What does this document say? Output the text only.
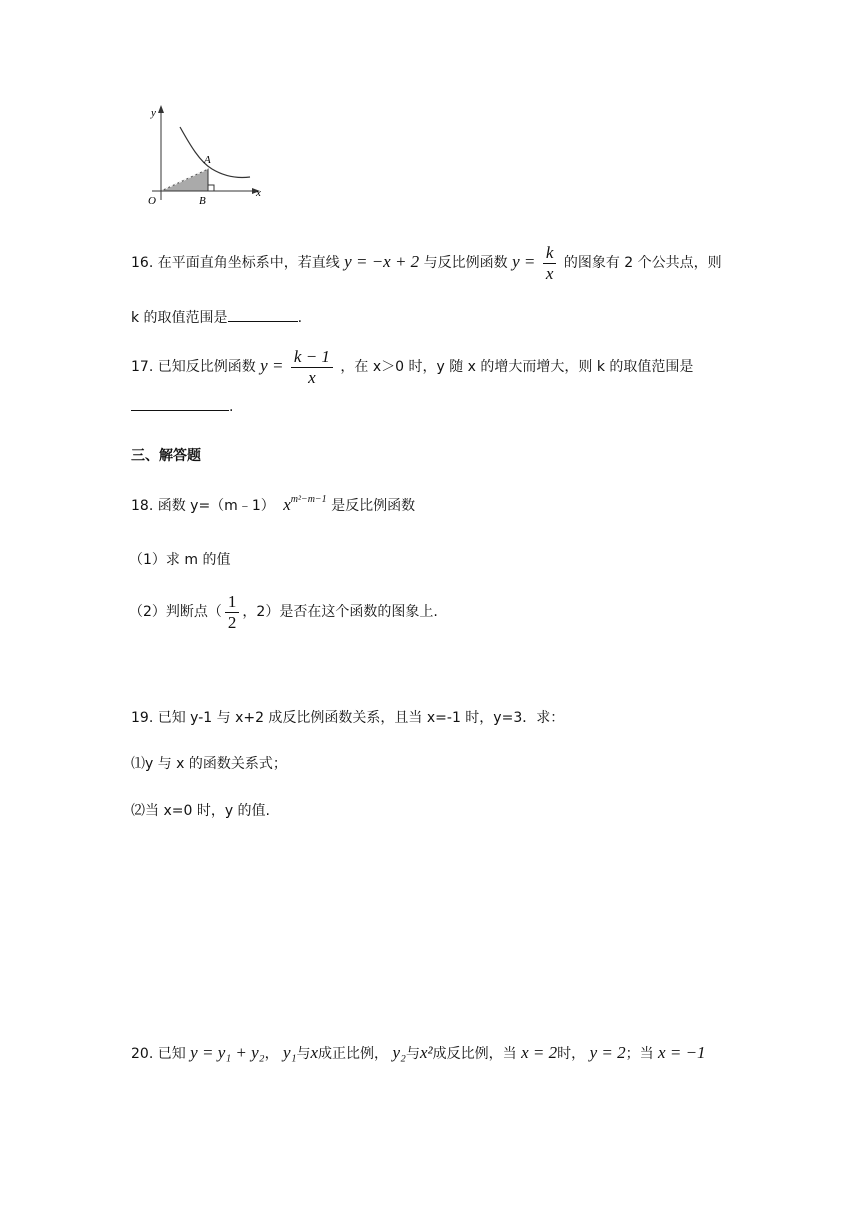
y
x
O
A
B
16. 在平面直角坐标系中，若直线 y = −x + 2 与反比例函数 $y = \frac{k}{x}$ 的图象有 2 个公共点，则
k 的取值范围是	.
17. 已知反比例函数 $y = \frac{k - 1}{x}$ ，在 x＞0 时，y 随 x 的增大而增大，则 k 的取值范围是
.
三、解答题
18. 函数 y=（m﹣1） $x^{m^2-m-1}$ 是反比例函数
（1）求 m 的值
（2）判断点（ $\frac{1}{2}$ ，2）是否在这个函数的图象上.
19. 已知 y-1 与 x+2 成反比例函数关系，且当 x=-1 时，y=3．求：
⑴y 与 x 的函数关系式；
⑵当 x=0 时，y 的值.
20. 已知 y = y₁ + y₂， y₁与x成正比例， y₂与x²成反比例，当 x = 2时， y = 2；当 x = −1
